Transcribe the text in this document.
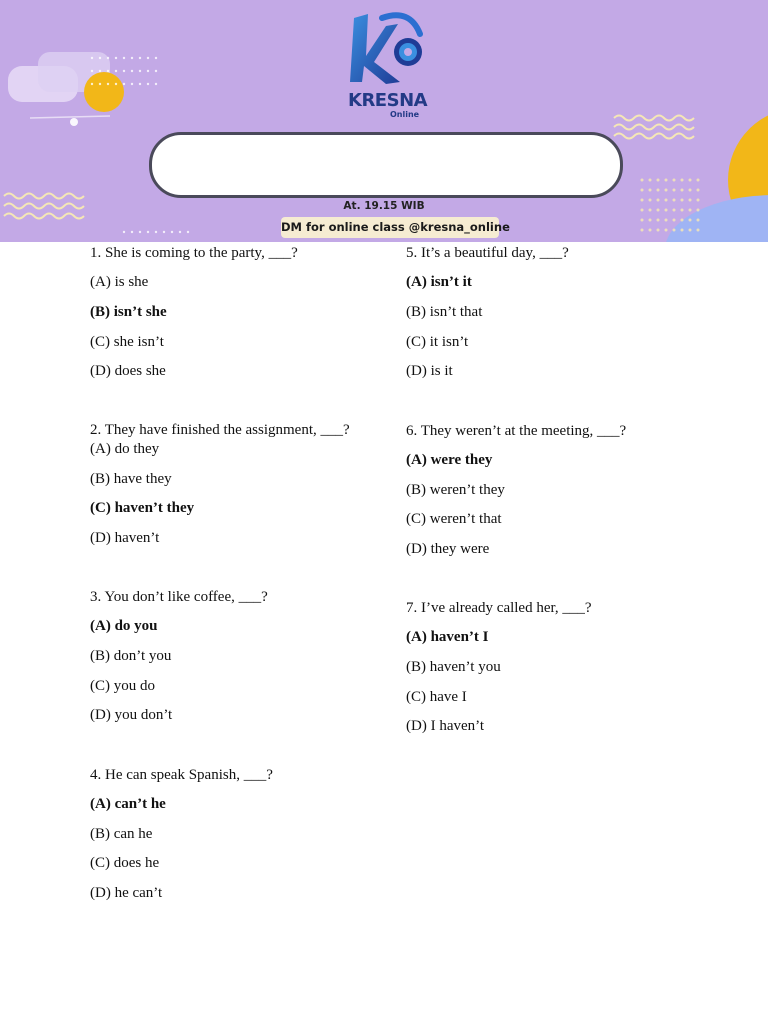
KRESNA
Online
At. 19.15 WIB
DM for online class @kresna_online
1. She is coming to the party, ___?
(A) is she
(B) isn’t she
(C) she isn’t
(D) does she
2. They have finished the assignment, ___?
(A) do they
(B) have they
(C) haven’t they
(D) haven’t
3. You don’t like coffee, ___?
(A) do you
(B) don’t you
(C) you do
(D) you don’t
4. He can speak Spanish, ___?
(A) can’t he
(B) can he
(C) does he
(D) he can’t
5. It’s a beautiful day, ___?
(A) isn’t it
(B) isn’t that
(C) it isn’t
(D) is it
6. They weren’t at the meeting, ___?
(A) were they
(B) weren’t they
(C) weren’t that
(D) they were
7. I’ve already called her, ___?
(A) haven’t I
(B) haven’t you
(C) have I
(D) I haven’t
